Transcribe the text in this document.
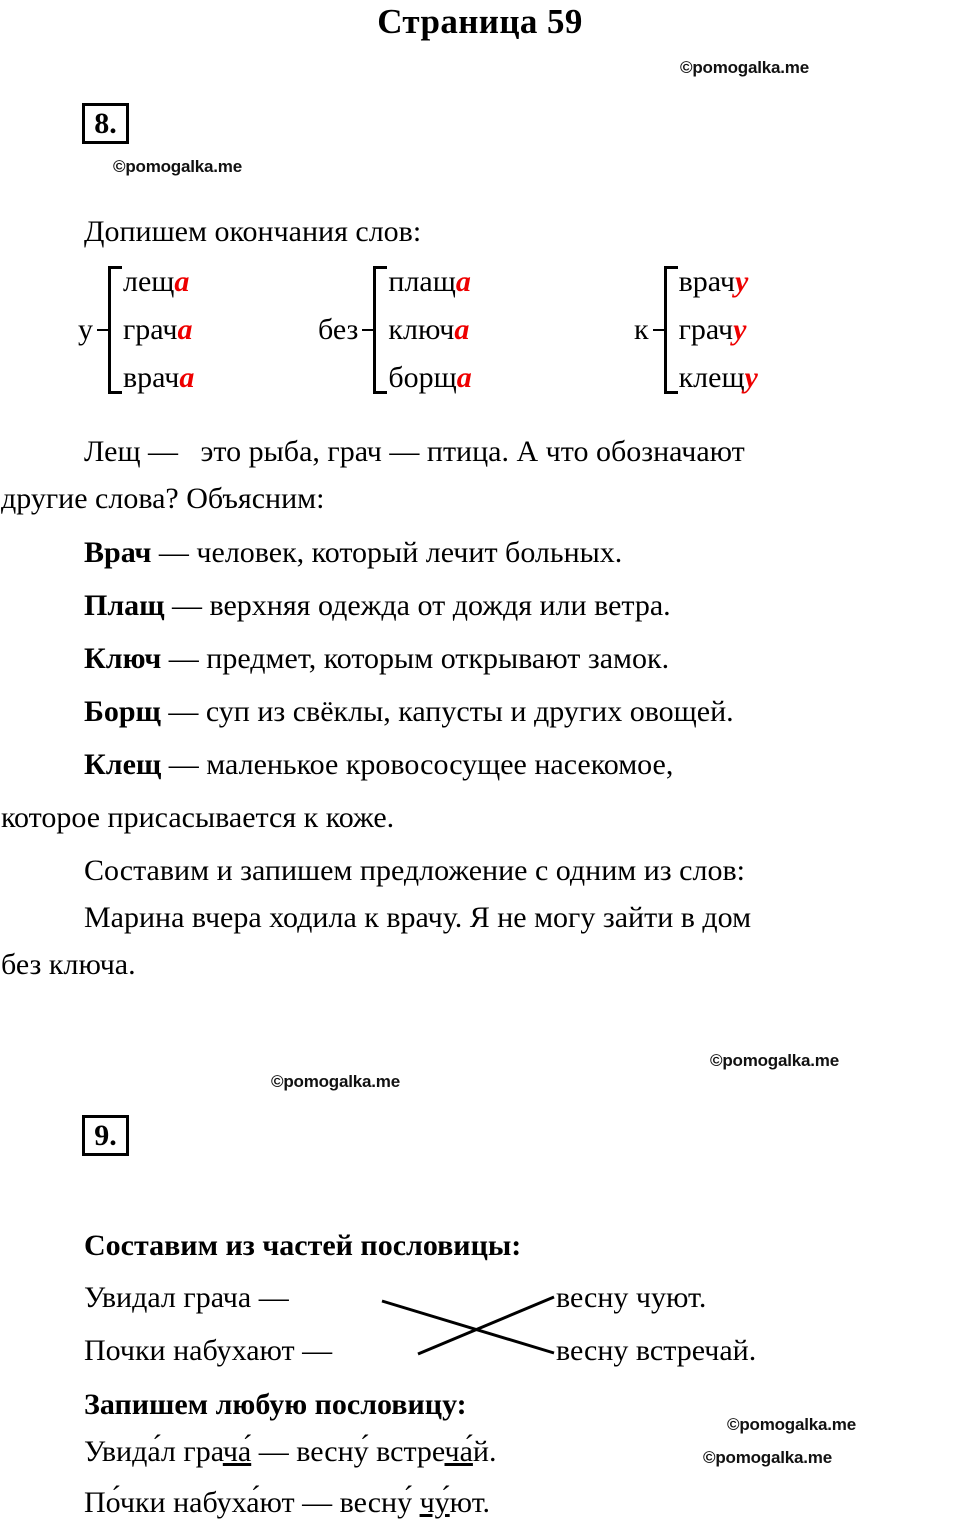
Страница 59
©pomogalka.me
©pomogalka.me
©pomogalka.me
©pomogalka.me
©pomogalka.me
©pomogalka.me
8.
Допишем окончания слов:
у
леща
грача
врача
без
плаща
ключа
борща
к
врачу
грачу
клещу
Лещ —   это рыба, грач — птица. А что обозначают
другие слова? Объясним:
Врач — человек, который лечит больных.
Плащ — верхняя одежда от дождя или ветра.
Ключ — предмет, которым открывают замок.
Борщ — суп из свёклы, капусты и других овощей.
Клещ — маленькое кровососущее насекомое,
которое присасывается к коже.
Составим и запишем предложение с одним из слов:
Марина вчера ходила к врачу. Я не могу зайти в дом
без ключа.
9.
Составим из частей пословицы:
Увидал грача —
Почки набухают —
весну чуют.
весну встречай.
Запишем любую пословицу:
Увида́л грача́ — весну́ встреча́й.
По́чки набуха́ют — весну́ чу́ют.
